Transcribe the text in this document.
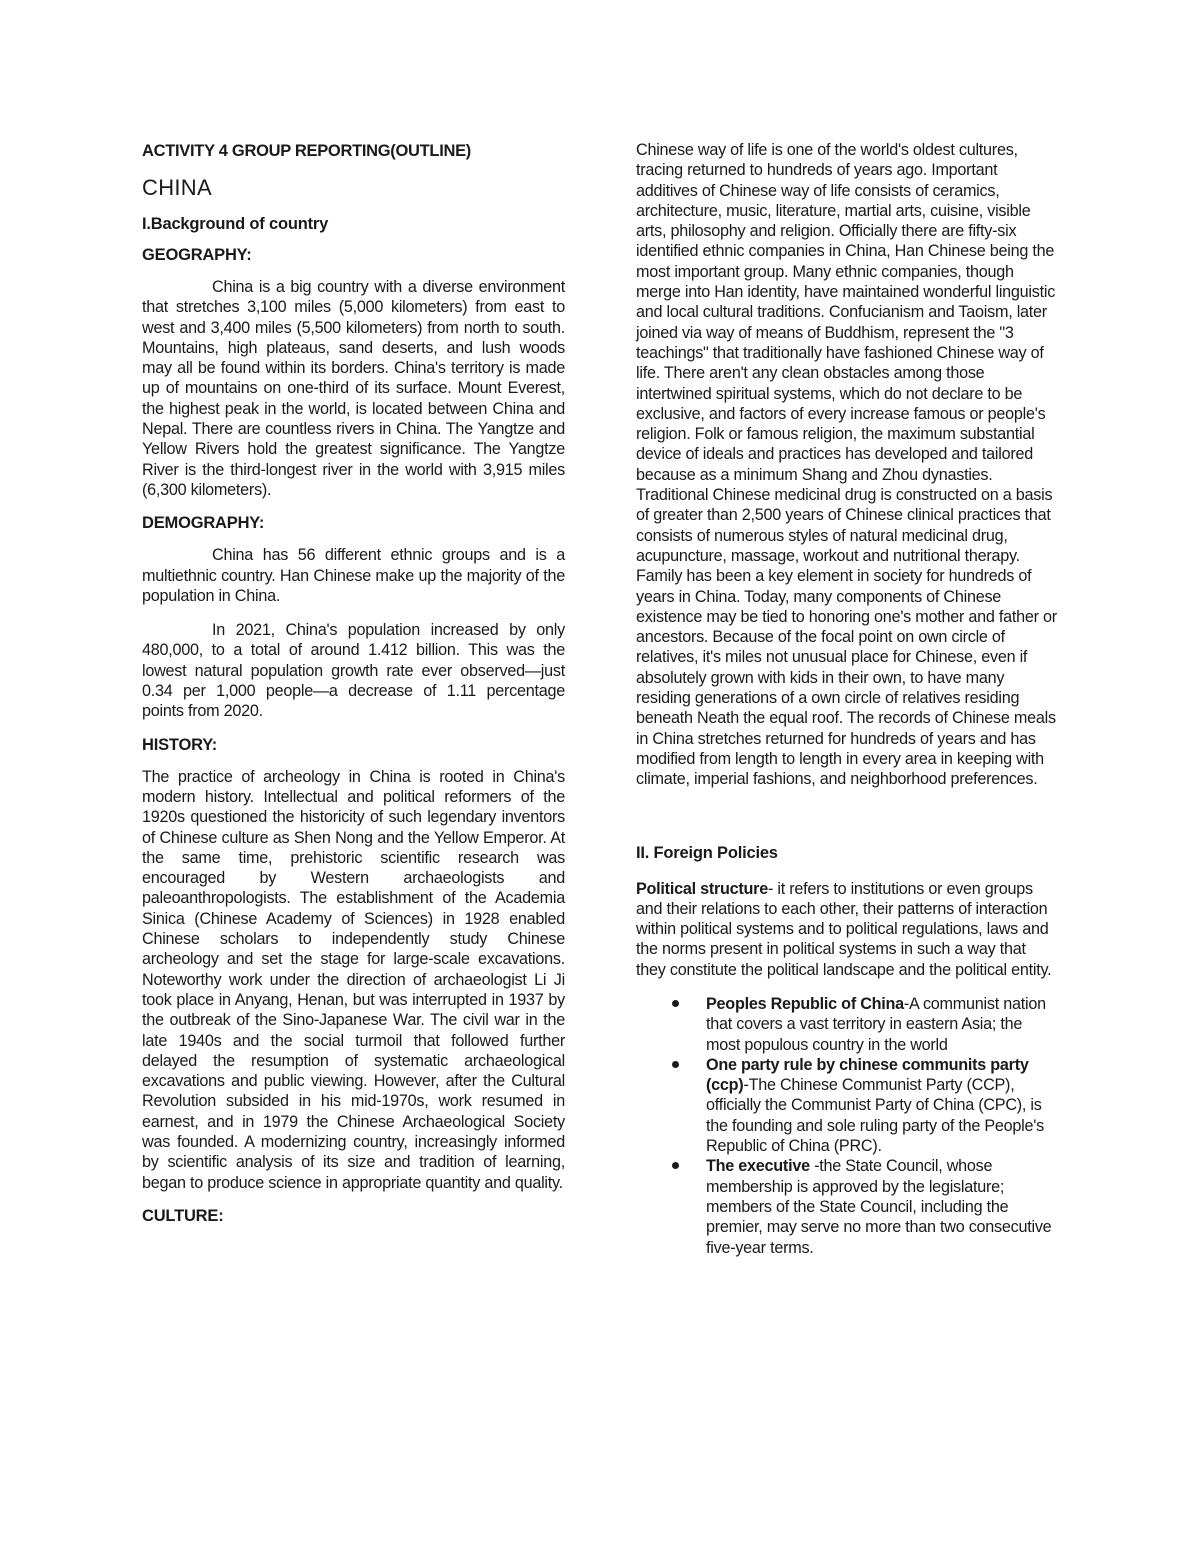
ACTIVITY 4 GROUP REPORTING(OUTLINE)
CHINA
I.Background of country
GEOGRAPHY:

China is a big country with a diverse environment that stretches 3,100 miles (5,000 kilometers) from east to west and 3,400 miles (5,500 kilometers) from north to south. Mountains, high plateaus, sand deserts, and lush woods may all be found within its borders. China's territory is made up of mountains on one-third of its surface. Mount Everest, the highest peak in the world, is located between China and Nepal. There are countless rivers in China. The Yangtze and Yellow Rivers hold the greatest significance. The Yangtze River is the third-longest river in the world with 3,915 miles (6,300 kilometers).

DEMOGRAPHY:

China has 56 different ethnic groups and is a multiethnic country. Han Chinese make up the majority of the population in China.

In 2021, China's population increased by only 480,000, to a total of around 1.412 billion. This was the lowest natural population growth rate ever observed—just 0.34 per 1,000 people—a decrease of 1.11 percentage points from 2020.

HISTORY:

The practice of archeology in China is rooted in China's modern history. Intellectual and political reformers of the 1920s questioned the historicity of such legendary inventors of Chinese culture as Shen Nong and the Yellow Emperor. At the same time, prehistoric scientific research was encouraged by Western archaeologists and paleoanthropologists. The establishment of the Academia Sinica (Chinese Academy of Sciences) in 1928 enabled Chinese scholars to independently study Chinese archeology and set the stage for large-scale excavations. Noteworthy work under the direction of archaeologist Li Ji took place in Anyang, Henan, but was interrupted in 1937 by the outbreak of the Sino-Japanese War. The civil war in the late 1940s and the social turmoil that followed further delayed the resumption of systematic archaeological excavations and public viewing. However, after the Cultural Revolution subsided in his mid-1970s, work resumed in earnest, and in 1979 the Chinese Archaeological Society was founded. A modernizing country, increasingly informed by scientific analysis of its size and tradition of learning, began to produce science in appropriate quantity and quality.

CULTURE:

Chinese way of life is one of the world's oldest cultures, tracing returned to hundreds of years ago. Important additives of Chinese way of life consists of ceramics, architecture, music, literature, martial arts, cuisine, visible arts, philosophy and religion. Officially there are fifty-six identified ethnic companies in China, Han Chinese being the most important group. Many ethnic companies, though merge into Han identity, have maintained wonderful linguistic and local cultural traditions. Confucianism and Taoism, later joined via way of means of Buddhism, represent the "3 teachings" that traditionally have fashioned Chinese way of life. There aren't any clean obstacles among those intertwined spiritual systems, which do not declare to be exclusive, and factors of every increase famous or people's religion. Folk or famous religion, the maximum substantial device of ideals and practices has developed and tailored because as a minimum Shang and Zhou dynasties. Traditional Chinese medicinal drug is constructed on a basis of greater than 2,500 years of Chinese clinical practices that consists of numerous styles of natural medicinal drug, acupuncture, massage, workout and nutritional therapy. Family has been a key element in society for hundreds of years in China. Today, many components of Chinese existence may be tied to honoring one's mother and father or ancestors. Because of the focal point on own circle of relatives, it's miles not unusual place for Chinese, even if absolutely grown with kids in their own, to have many residing generations of a own circle of relatives residing beneath Neath the equal roof. The records of Chinese meals in China stretches returned for hundreds of years and has modified from length to length in every area in keeping with climate, imperial fashions, and neighborhood preferences.

II. Foreign Policies

Political structure- it refers to institutions or even groups and their relations to each other, their patterns of interaction within political systems and to political regulations, laws and the norms present in political systems in such a way that they constitute the political landscape and the political entity.

Peoples Republic of China-A communist nation that covers a vast territory in eastern Asia; the most populous country in the world
One party rule by chinese communits party (ccp)-The Chinese Communist Party (CCP), officially the Communist Party of China (CPC), is the founding and sole ruling party of the People's Republic of China (PRC).
The executive -the State Council, whose membership is approved by the legislature; members of the State Council, including the premier, may serve no more than two consecutive five-year terms.
